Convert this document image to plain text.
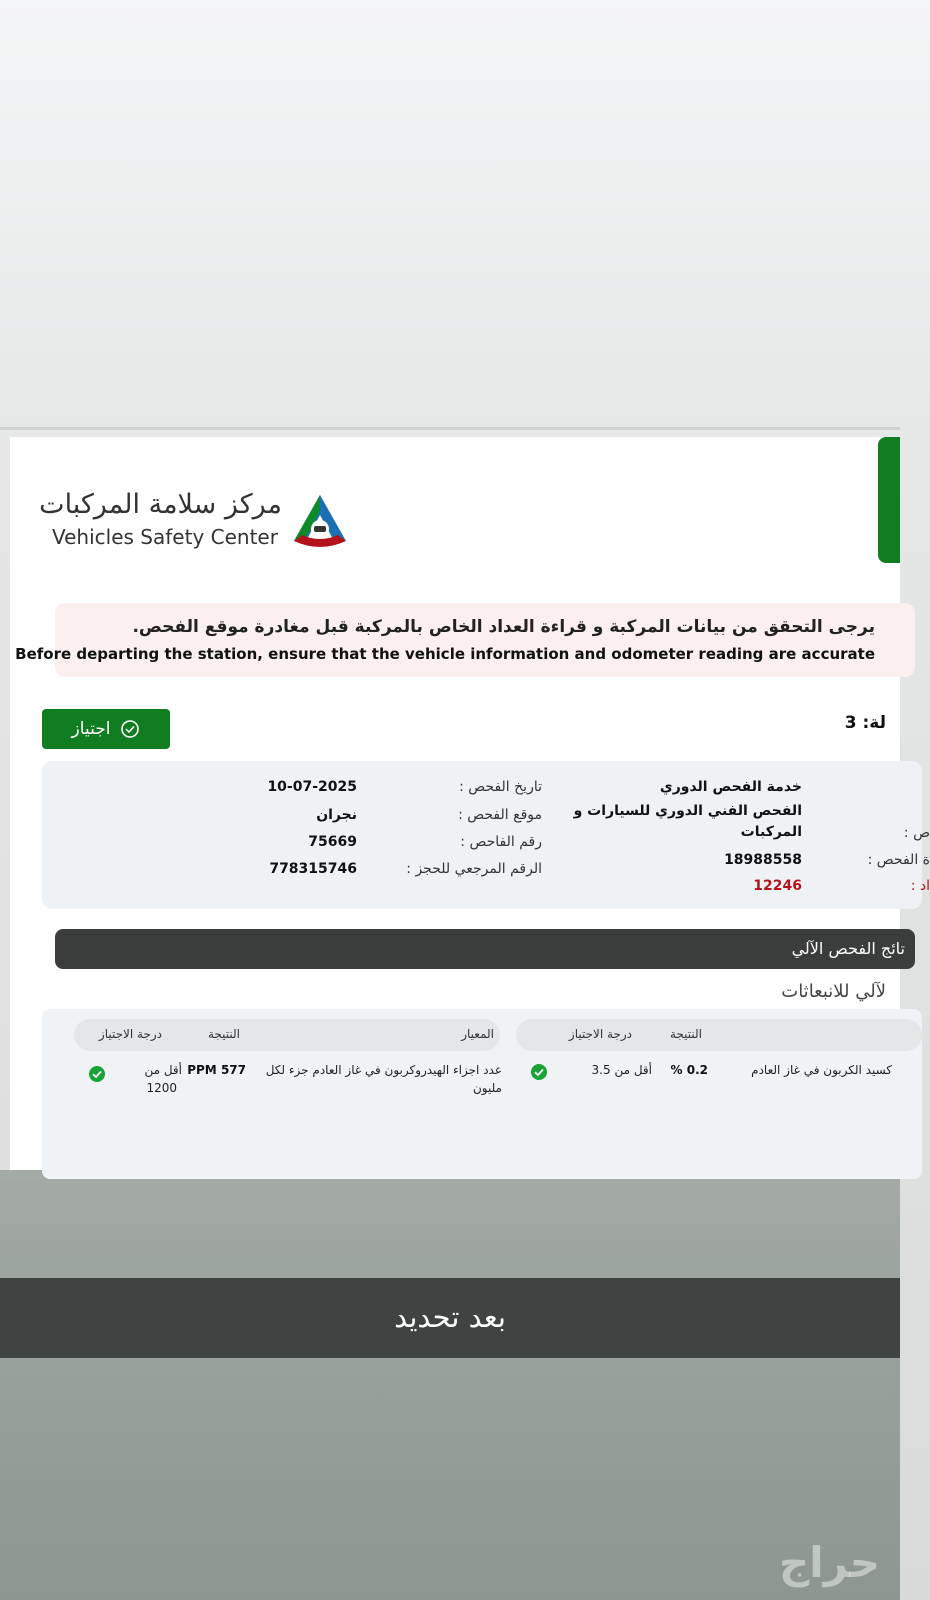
مركز سلامة المركبات
Vehicles Safety Center
يرجى التحقق من بيانات المركبة و قراءة العداد الخاص بالمركبة قبل مغادرة موقع الفحص.
Before departing the station, ensure that the vehicle information and odometer reading are accurate
اجتياز	لة: 3
تاريخ الفحص :
10-07-2025
موقع الفحص :
نجران
رقم الفاحص :
75669
الرقم المرجعي للحجز :
778315746
خدمة الفحص الدوري
الفحص الفني الدوري للسيارات و
المركبات
18988558
12246
ص :
ة الفحص :
اد :
تائج الفحص الآلي
لآلي للانبعاثات
النتيجة
درجة الاجتياز
المعيار
النتيجة
درجة الاجتياز
كسيد الكربون في غاز العادم
0.2 %
أقل من 3.5
عدد اجزاء الهيدروكربون في غاز العادم جزء لكل
مليون
577 PPM
أقل من
1200
بعد تحديد
حراج
